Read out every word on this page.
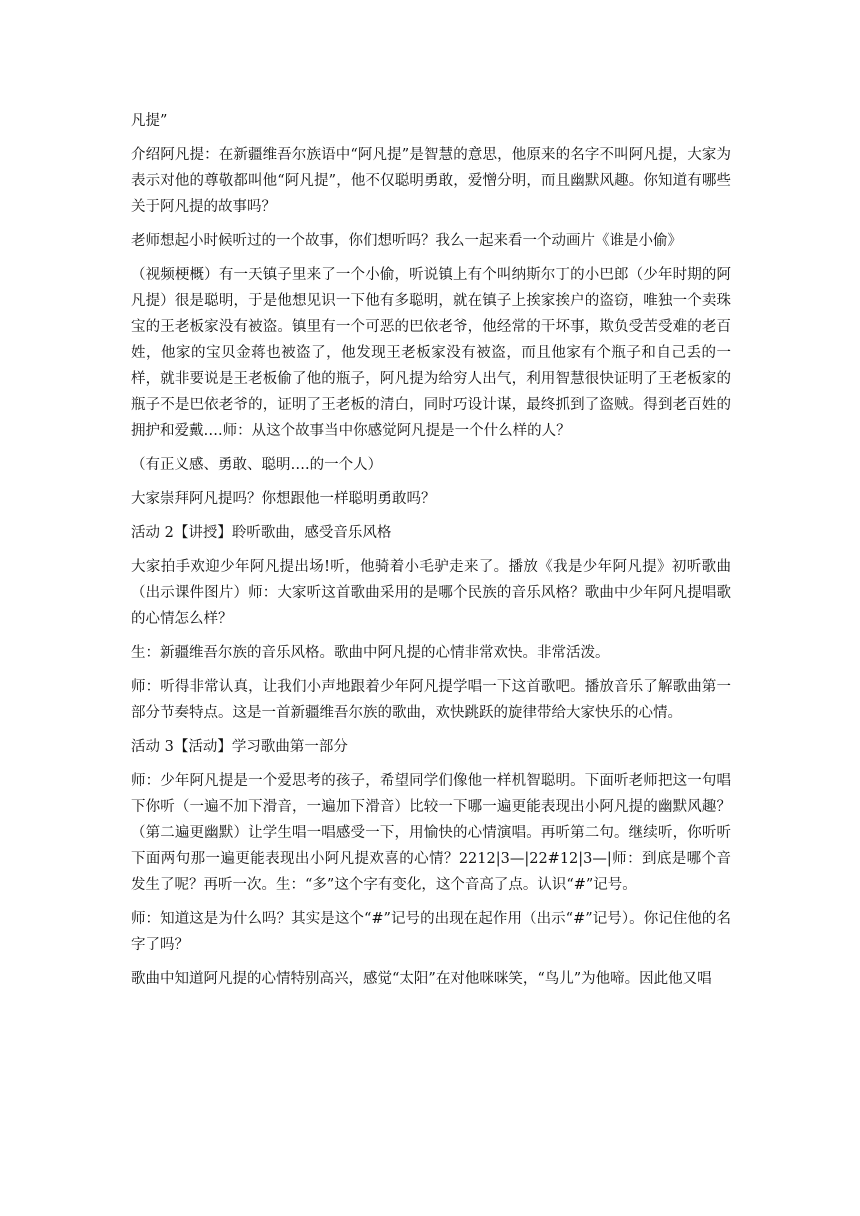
凡提”

介绍阿凡提：在新疆维吾尔族语中“阿凡提”是智慧的意思，他原来的名字不叫阿凡提，大家为表示对他的尊敬都叫他“阿凡提”，他不仅聪明勇敢，爱憎分明，而且幽默风趣。你知道有哪些关于阿凡提的故事吗？

老师想起小时候听过的一个故事，你们想听吗？我么一起来看一个动画片《谁是小偷》

（视频梗概）有一天镇子里来了一个小偷，听说镇上有个叫纳斯尔丁的小巴郎（少年时期的阿凡提）很是聪明，于是他想见识一下他有多聪明，就在镇子上挨家挨户的盗窃，唯独一个卖珠宝的王老板家没有被盗。镇里有一个可恶的巴依老爷，他经常的干坏事，欺负受苦受难的老百姓，他家的宝贝金蒋也被盗了，他发现王老板家没有被盗，而且他家有个瓶子和自己丢的一样，就非要说是王老板偷了他的瓶子，阿凡提为给穷人出气，利用智慧很快证明了王老板家的瓶子不是巴依老爷的，证明了王老板的清白，同时巧设计谋，最终抓到了盗贼。得到老百姓的拥护和爱戴….师：从这个故事当中你感觉阿凡提是一个什么样的人？

（有正义感、勇敢、聪明….的一个人）

大家崇拜阿凡提吗？你想跟他一样聪明勇敢吗？

活动 2【讲授】聆听歌曲，感受音乐风格

大家拍手欢迎少年阿凡提出场!听，他骑着小毛驴走来了。播放《我是少年阿凡提》初听歌曲（出示课件图片）师：大家听这首歌曲采用的是哪个民族的音乐风格？歌曲中少年阿凡提唱歌的心情怎么样？

生：新疆维吾尔族的音乐风格。歌曲中阿凡提的心情非常欢快。非常活泼。

师：听得非常认真，让我们小声地跟着少年阿凡提学唱一下这首歌吧。播放音乐了解歌曲第一部分节奏特点。这是一首新疆维吾尔族的歌曲，欢快跳跃的旋律带给大家快乐的心情。

活动 3【活动】学习歌曲第一部分

师：少年阿凡提是一个爱思考的孩子，希望同学们像他一样机智聪明。下面听老师把这一句唱下你听（一遍不加下滑音，一遍加下滑音）比较一下哪一遍更能表现出小阿凡提的幽默风趣？（第二遍更幽默）让学生唱一唱感受一下，用愉快的心情演唱。再听第二句。继续听，你听听下面两句那一遍更能表现出小阿凡提欢喜的心情？2212|3—|22#12|3—|师：到底是哪个音发生了呢？再听一次。生：“多”这个字有变化，这个音高了点。认识“#”记号。

师：知道这是为什么吗？其实是这个“#”记号的出现在起作用（出示“#”记号）。你记住他的名字了吗？

歌曲中知道阿凡提的心情特别高兴，感觉“太阳”在对他咪咪笑，“鸟儿”为他啼。因此他又唱
